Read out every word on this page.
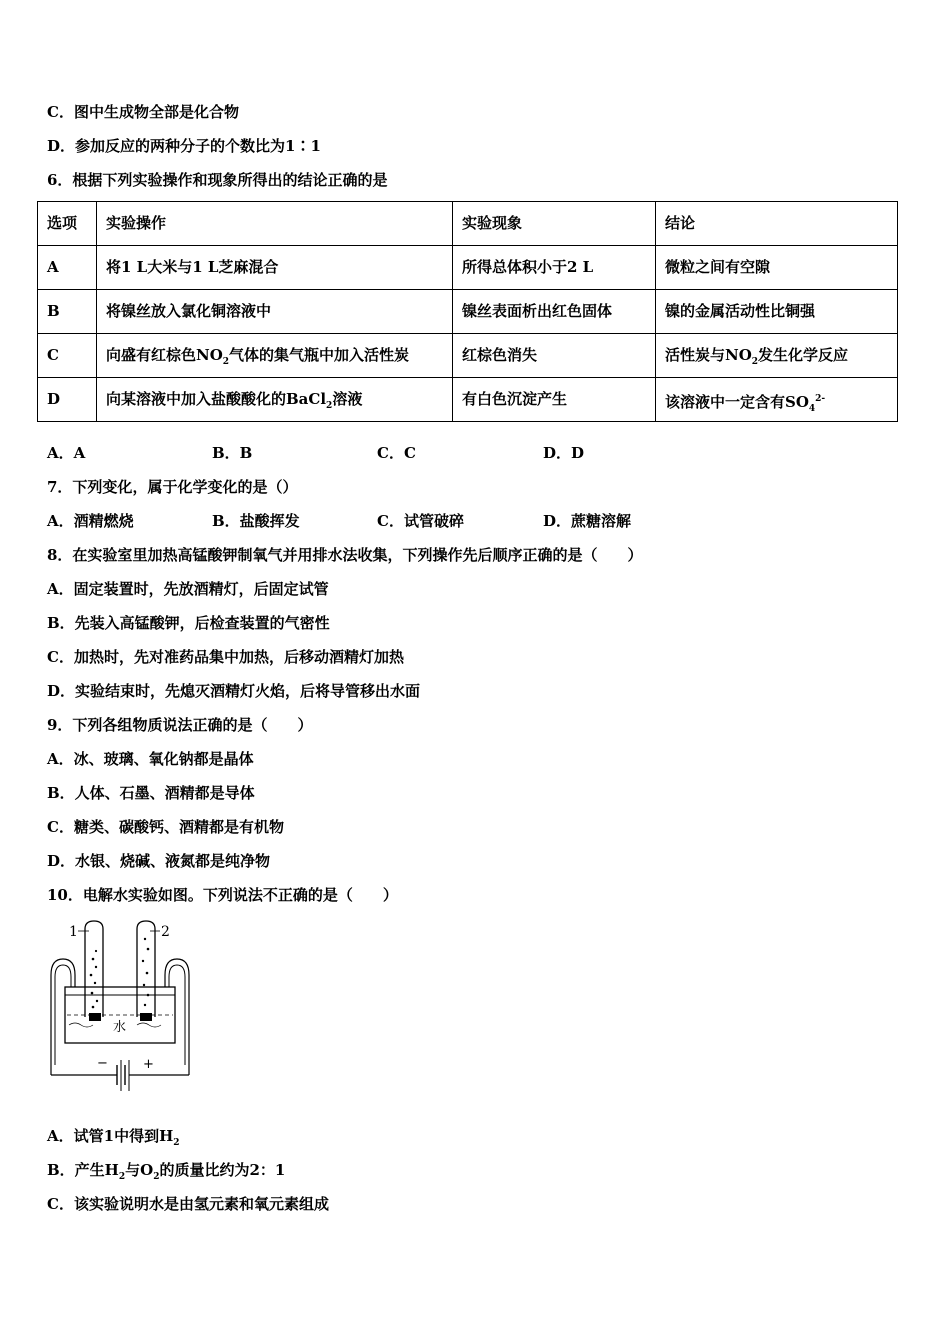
C．图中生成物全部是化合物
D．参加反应的两种分子的个数比为1∶1
6．根据下列实验操作和现象所得出的结论正确的是
选项	实验操作	实验现象	结论
A	将1 L大米与1 L芝麻混合	所得总体积小于2 L	微粒之间有空隙
B	将镍丝放入氯化铜溶液中	镍丝表面析出红色固体	镍的金属活动性比铜强
C	向盛有红棕色$NO_2$气体的集气瓶中加入活性炭	红棕色消失	活性炭与$NO_2$发生化学反应
D	向某溶液中加入盐酸酸化的BaCl$_2$溶液	有白色沉淀产生	该溶液中一定含有$SO_4^{2-}$
A．A	B．B	C．C	D．D
7．下列变化，属于化学变化的是（）
A．酒精燃烧	B．盐酸挥发	C．试管破碎	D．蔗糖溶解
8．在实验室里加热高锰酸钾制氧气并用排水法收集，下列操作先后顺序正确的是（　　）
A．固定装置时，先放酒精灯，后固定试管
B．先装入高锰酸钾，后检查装置的气密性
C．加热时，先对准药品集中加热，后移动酒精灯加热
D．实验结束时，先熄灭酒精灯火焰，后将导管移出水面
9．下列各组物质说法正确的是（　　）
A．冰、玻璃、氧化钠都是晶体
B．人体、石墨、酒精都是导体
C．糖类、碳酸钙、酒精都是有机物
D．水银、烧碱、液氮都是纯净物
10．电解水实验如图。下列说法不正确的是（　　）
水
1	2
−	+
A．试管1中得到$H_2$
B．产生$H_2$与$O_2$的质量比约为2：1
C．该实验说明水是由氢元素和氧元素组成
